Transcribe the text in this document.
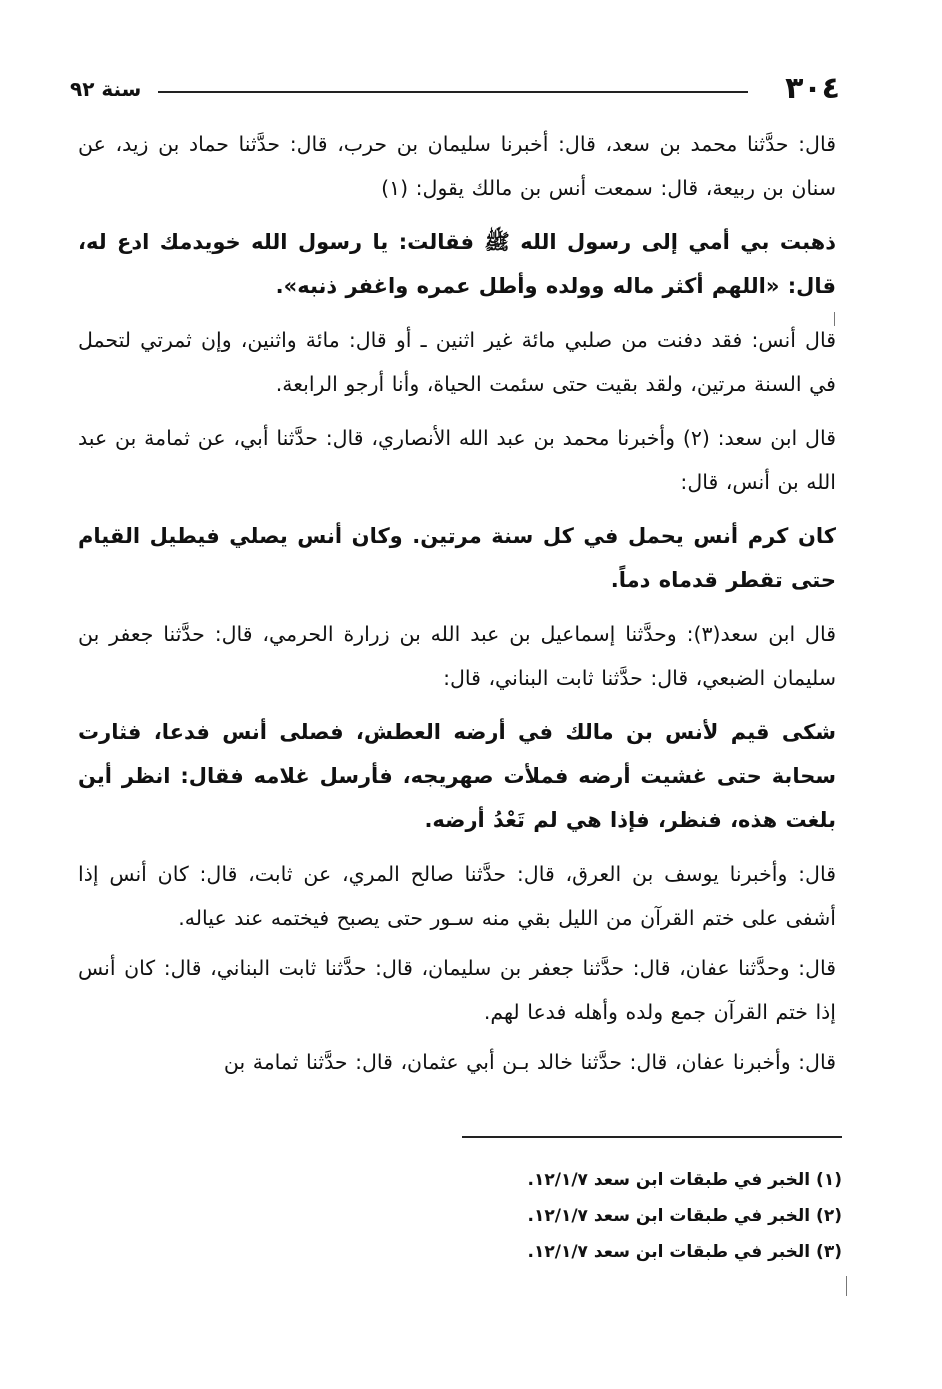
٣٠٤
سنة ٩٢

قال: حدَّثنا محمد بن سعد، قال: أخبرنا سليمان بن حرب، قال: حدَّثنا حماد بن زيد، عن سنان بن ربيعة، قال: سمعت أنس بن مالك يقول: (١)

ذهبت بي أمي إلى رسول الله ﷺ فقالت: يا رسول الله خويدمك ادع له، قال: «اللهم أكثر ماله وولده وأطل عمره واغفر ذنبه».

قال أنس: فقد دفنت من صلبي مائة غير اثنين ـ أو قال: مائة واثنين، وإن ثمرتي لتحمل في السنة مرتين، ولقد بقيت حتى سئمت الحياة، وأنا أرجو الرابعة.

قال ابن سعد: (٢) وأخبرنا محمد بن عبد الله الأنصاري، قال: حدَّثنا أبي، عن ثمامة بن عبد الله بن أنس، قال:

كان كرم أنس يحمل في كل سنة مرتين. وكان أنس يصلي فيطيل القيام حتى تقطر قدماه دماً.

قال ابن سعد(٣): وحدَّثنا إسماعيل بن عبد الله بن زرارة الحرمي، قال: حدَّثنا جعفر بن سليمان الضبعي، قال: حدَّثنا ثابت البناني، قال:

شكى قيم لأنس بن مالك في أرضه العطش، فصلى أنس فدعا، فثارت سحابة حتى غشيت أرضه فملأت صهريجه، فأرسل غلامه فقال: انظر أين بلغت هذه، فنظر، فإذا هي لم تَعْدُ أرضه.

قال: وأخبرنا يوسف بن العرق، قال: حدَّثنا صالح المري، عن ثابت، قال: كان أنس إذا أشفى على ختم القرآن من الليل بقي منه سـور حتى يصبح فيختمه عند عياله.

قال: وحدَّثنا عفان، قال: حدَّثنا جعفر بن سليمان، قال: حدَّثنا ثابت البناني، قال: كان أنس إذا ختم القرآن جمع ولده وأهله فدعا لهم.

قال: وأخبرنا عفان، قال: حدَّثنا خالد بـن أبي عثمان، قال: حدَّثنا ثمامة بن

(١) الخبر في طبقات ابن سعد ١٢/١/٧.
(٢) الخبر في طبقات ابن سعد ١٢/١/٧.
(٣) الخبر في طبقات ابن سعد ١٢/١/٧.
